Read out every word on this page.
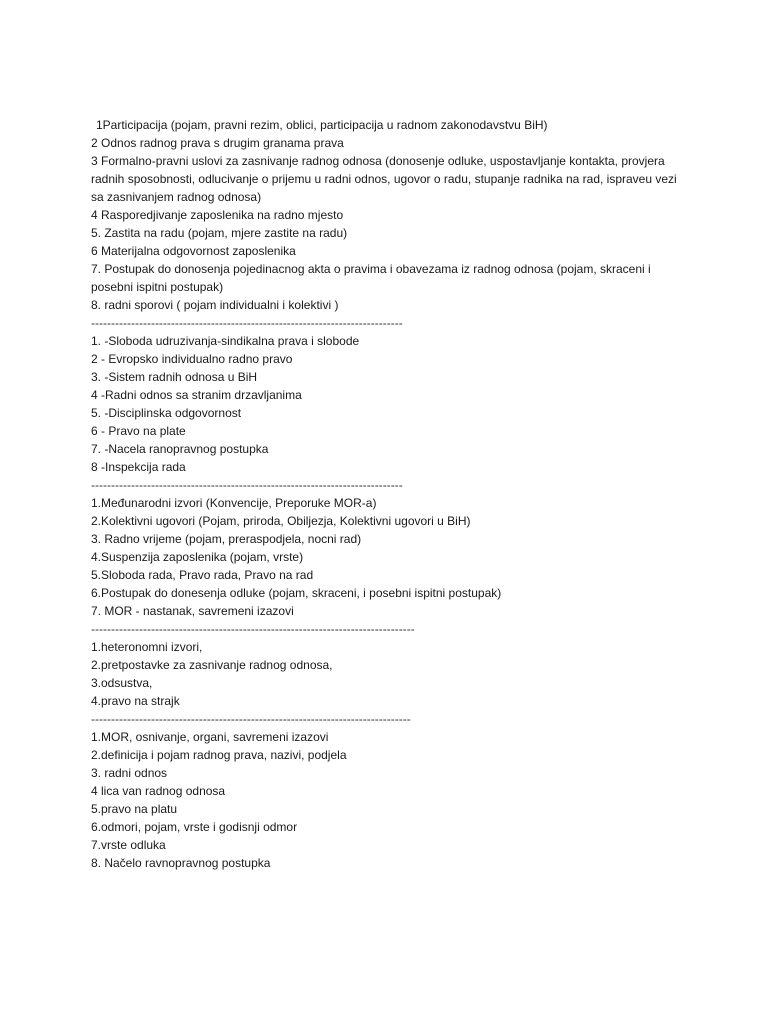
1Participacija (pojam, pravni rezim, oblici, participacija u radnom zakonodavstvu BiH)
2 Odnos radnog prava s drugim granama prava
3 Formalno-pravni uslovi za zasnivanje radnog odnosa (donosenje odluke, uspostavljanje kontakta, provjera radnih sposobnosti, odlucivanje o prijemu u radni odnos, ugovor o radu, stupanje radnika na rad, ispraveu vezi sa zasnivanjem radnog odnosa)
4 Rasporedjivanje zaposlenika na radno mjesto
5. Zastita na radu (pojam, mjere zastite na radu)
6 Materijalna odgovornost zaposlenika
7. Postupak do donosenja pojedinacnog akta o pravima i obavezama iz radnog odnosa (pojam, skraceni i posebni ispitni postupak)
8. radni sporovi ( pojam individualni i kolektivi )
------------------------------------------------------------------------------
1. -Sloboda udruzivanja-sindikalna prava i slobode
2 - Evropsko individualno radno pravo
3. -Sistem radnih odnosa u BiH
4 -Radni odnos sa stranim drzavljanima
5. -Disciplinska odgovornost
6 - Pravo na plate
7. -Nacela ranopravnog postupka
8 -Inspekcija rada
------------------------------------------------------------------------------
1.Međunarodni izvori (Konvencije, Preporuke MOR-a)
2.Kolektivni ugovori (Pojam, priroda, Obiljezja, Kolektivni ugovori u BiH)
3. Radno vrijeme (pojam, preraspodjela, nocni rad)
4.Suspenzija zaposlenika (pojam, vrste)
5.Sloboda rada, Pravo rada, Pravo na rad
6.Postupak do donesenja odluke (pojam, skraceni, i posebni ispitni postupak)
7. MOR - nastanak, savremeni izazovi
---------------------------------------------------------------------------------
1.heteronomni izvori,
2.pretpostavke za zasnivanje radnog odnosa,
3.odsustva,
4.pravo na strajk
--------------------------------------------------------------------------------
1.MOR, osnivanje, organi, savremeni izazovi
2.definicija i pojam radnog prava, nazivi, podjela
3. radni odnos
4 lica van radnog odnosa
5.pravo na platu
6.odmori, pojam, vrste i godisnji odmor
7.vrste odluka
8. Načelo ravnopravnog postupka
